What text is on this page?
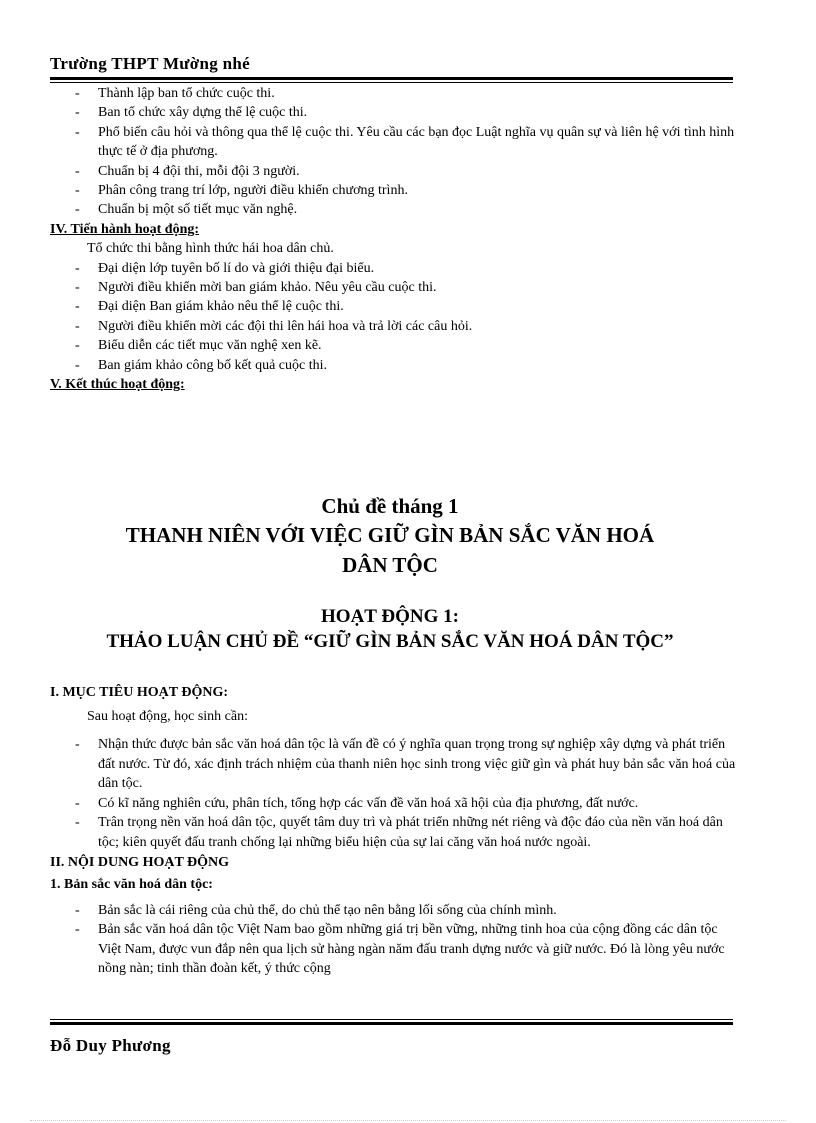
Trường THPT Mường nhé
- Thành lập ban tổ chức cuộc thi.
- Ban tổ chức xây dựng thể lệ cuộc thi.
- Phổ biến câu hỏi và thông qua thể lệ cuộc thi. Yêu cầu các bạn đọc Luật nghĩa vụ quân sự và liên hệ với tình hình thực tế ở địa phương.
- Chuẩn bị 4 đội thi, mỗi đội 3 người.
- Phân công trang trí lớp, người điều khiển chương trình.
- Chuẩn bị một số tiết mục văn nghệ.
IV. Tiến hành hoạt động:
Tổ chức thi bằng hình thức hái hoa dân chủ.
- Đại diện lớp tuyên bố lí do và giới thiệu đại biểu.
- Người điều khiển mời ban giám khảo. Nêu yêu cầu cuộc thi.
- Đại diện Ban giám khảo nêu thể lệ cuộc thi.
- Người điều khiển mời các đội thi lên hái hoa và trả lời các câu hỏi.
- Biểu diễn các tiết mục văn nghệ xen kẽ.
- Ban giám khảo công bố kết quả cuộc thi.
V. Kết thúc hoạt động:
Chủ đề tháng 1
THANH NIÊN VỚI VIỆC GIỮ GÌN BẢN SẮC VĂN HOÁ
DÂN TỘC
HOẠT ĐỘNG 1:
THẢO LUẬN CHỦ ĐỀ “GIỮ GÌN BẢN SẮC VĂN HOÁ DÂN TỘC”
I. MỤC TIÊU HOẠT ĐỘNG:
Sau hoạt động, học sinh cần:
- Nhận thức được bản sắc văn hoá dân tộc là vấn đề có ý nghĩa quan trọng trong sự nghiệp xây dựng và phát triển đất nước. Từ đó, xác định trách nhiệm của thanh niên học sinh trong việc giữ gìn và phát huy bản sắc văn hoá của dân tộc.
- Có kĩ năng nghiên cứu, phân tích, tổng hợp các vấn đề văn hoá xã hội của địa phương, đất nước.
- Trân trọng nền văn hoá dân tộc, quyết tâm duy trì và phát triển những nét riêng và độc đáo của nền văn hoá dân tộc; kiên quyết đấu tranh chống lại những biểu hiện của sự lai căng văn hoá nước ngoài.
II. NỘI DUNG HOẠT ĐỘNG
1. Bản sắc văn hoá dân tộc:
- Bản sắc là cái riêng của chủ thể, do chủ thể tạo nên bằng lối sống của chính mình.
- Bản sắc văn hoá dân tộc Việt Nam bao gồm những giá trị bền vững, những tinh hoa của cộng đồng các dân tộc Việt Nam, được vun đắp nên qua lịch sử hàng ngàn năm đấu tranh dựng nước và giữ nước. Đó là lòng yêu nước nồng nàn; tinh thần đoàn kết, ý thức cộng
Đỗ Duy Phương
